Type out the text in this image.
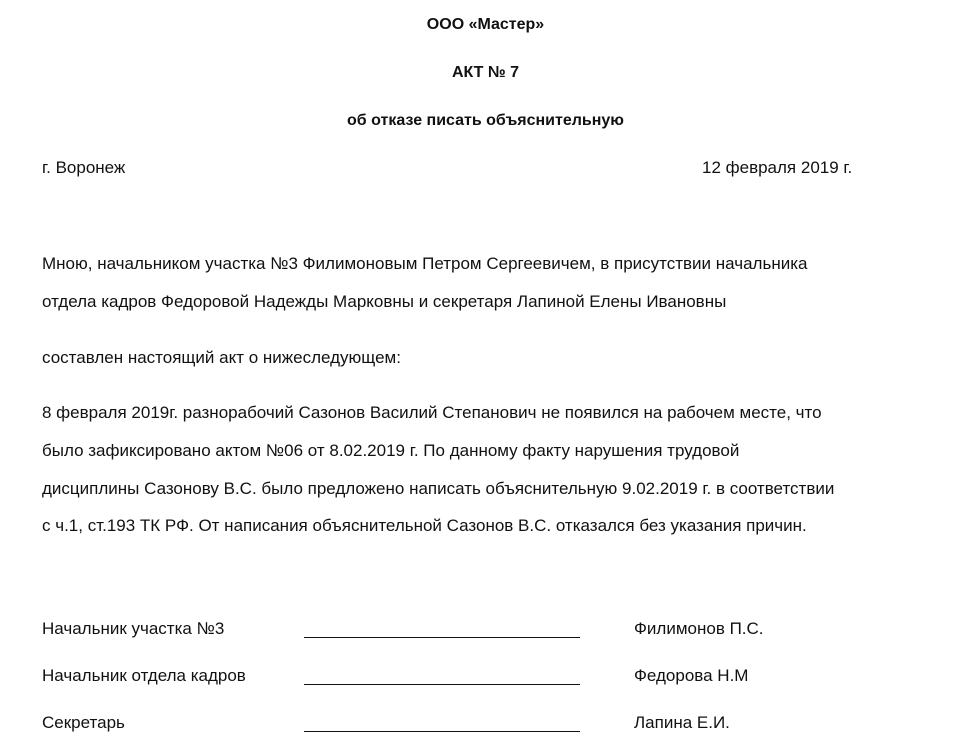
ООО «Мастер»
АКТ № 7
об отказе писать объяснительную
г. Воронеж	12 февраля 2019 г.
Мною, начальником участка №3 Филимоновым Петром Сергеевичем, в присутствии начальника
отдела кадров Федоровой Надежды Марковны и секретаря Лапиной Елены Ивановны
составлен настоящий акт о нижеследующем:
8 февраля 2019г. разнорабочий Сазонов Василий Степанович не появился на рабочем месте, что
было зафиксировано актом №06 от 8.02.2019 г. По данному факту нарушения трудовой
дисциплины Сазонову В.С. было предложено написать объяснительную 9.02.2019 г. в соответствии
с ч.1, ст.193 ТК РФ. От написания объяснительной Сазонов В.С. отказался без указания причин.
Начальник участка №3	Филимонов П.С.
Начальник отдела кадров	Федорова Н.М
Секретарь	Лапина Е.И.
